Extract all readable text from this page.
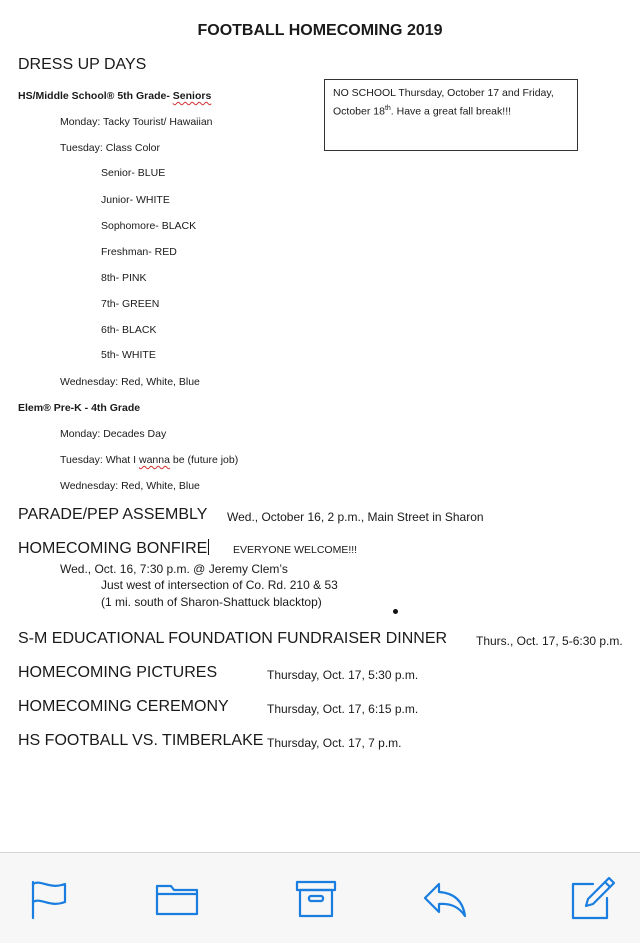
FOOTBALL HOMECOMING 2019
DRESS UP DAYS
HS/Middle School® 5th Grade- Seniors
Monday: Tacky Tourist/ Hawaiian
Tuesday: Class Color
Senior- BLUE
Junior- WHITE
Sophomore- BLACK
Freshman- RED
8th- PINK
7th- GREEN
6th- BLACK
5th- WHITE
Wednesday: Red, White, Blue
Elem® Pre-K - 4th Grade
Monday: Decades Day
Tuesday: What I wanna be (future job)
Wednesday: Red, White, Blue
NO SCHOOL Thursday, October 17 and Friday, October 18th. Have a great fall break!!!
PARADE/PEP ASSEMBLY Wed., October 16, 2 p.m., Main Street in Sharon
HOMECOMING BONFIRE EVERYONE WELCOME!!!
Wed., Oct. 16, 7:30 p.m. @ Jeremy Clem’s
Just west of intersection of Co. Rd. 210 & 53
(1 mi. south of Sharon-Shattuck blacktop)
S-M EDUCATIONAL FOUNDATION FUNDRAISER DINNER Thurs., Oct. 17, 5-6:30 p.m.
HOMECOMING PICTURES	Thursday, Oct. 17, 5:30 p.m.
HOMECOMING CEREMONY	Thursday, Oct. 17, 6:15 p.m.
HS FOOTBALL VS. TIMBERLAKE Thursday, Oct. 17, 7 p.m.
